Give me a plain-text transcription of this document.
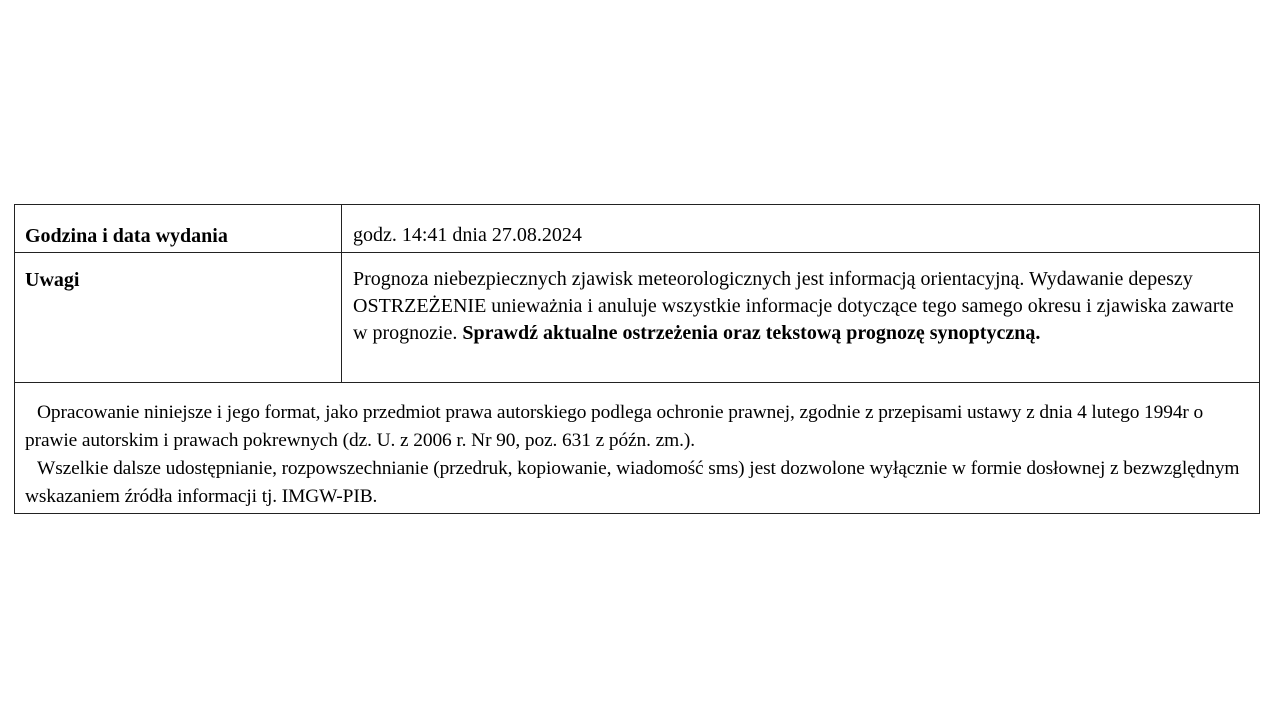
Godzina i data wydania	godz. 14:41 dnia 27.08.2024
Uwagi	Prognoza niebezpiecznych zjawisk meteorologicznych jest informacją orientacyjną. Wydawanie depeszy OSTRZEŻENIE unieważnia i anuluje wszystkie informacje dotyczące tego samego okresu i zjawiska zawarte w prognozie. Sprawdź aktualne ostrzeżenia oraz tekstową prognozę synoptyczną.
Opracowanie niniejsze i jego format, jako przedmiot prawa autorskiego podlega ochronie prawnej, zgodnie z przepisami ustawy z dnia 4 lutego 1994r o prawie autorskim i prawach pokrewnych (dz. U. z 2006 r. Nr 90, poz. 631 z późn. zm.).
Wszelkie dalsze udostępnianie, rozpowszechnianie (przedruk, kopiowanie, wiadomość sms) jest dozwolone wyłącznie w formie dosłownej z bezwzględnym wskazaniem źródła informacji tj. IMGW-PIB.
